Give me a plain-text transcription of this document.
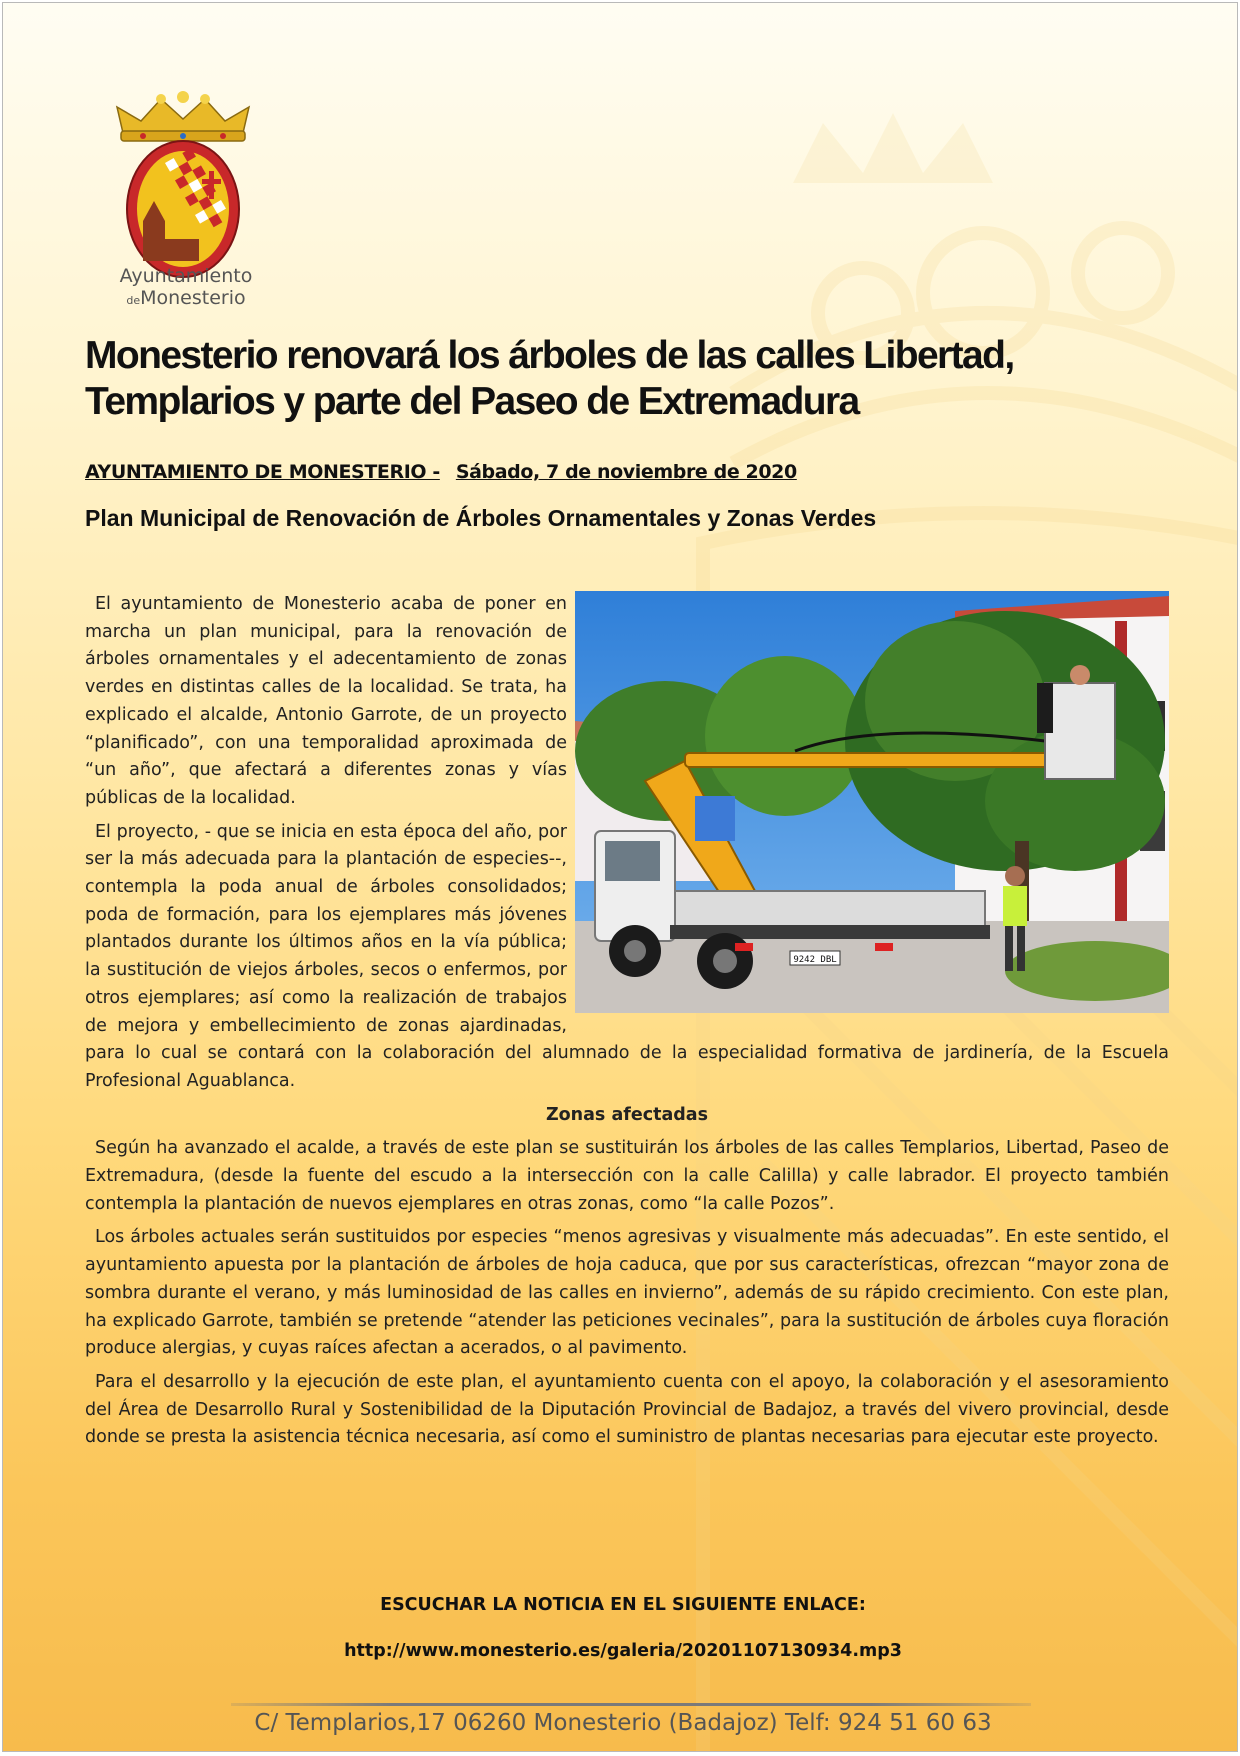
Ayuntamiento
deMonesterio
Monesterio renovará los árboles de las calles Libertad, Templarios y parte del Paseo de Extremadura
AYUNTAMIENTO DE MONESTERIO - Sábado, 7 de noviembre de 2020
Plan Municipal de Renovación de Árboles Ornamentales y Zonas Verdes
9242 DBL

El ayuntamiento de Monesterio acaba de poner en marcha un plan municipal, para la renovación de árboles ornamentales y el adecentamiento de zonas verdes en distintas calles de la localidad. Se trata, ha explicado el alcalde, Antonio Garrote, de un proyecto “planificado”, con una temporalidad aproximada de “un año”, que afectará a diferentes zonas y vías públicas de la localidad.

El proyecto, - que se inicia en esta época del año, por ser la más adecuada para la plantación de especies--, contempla la poda anual de árboles consolidados; poda de formación, para los ejemplares más jóvenes plantados durante los últimos años en la vía pública; la sustitución de viejos árboles, secos o enfermos, por otros ejemplares; así como la realización de trabajos de mejora y embellecimiento de zonas ajardinadas, para lo cual se contará con la colaboración del alumnado de la especialidad formativa de jardinería, de la Escuela Profesional Aguablanca.

Zonas afectadas

Según ha avanzado el acalde, a través de este plan se sustituirán los árboles de las calles Templarios, Libertad, Paseo de Extremadura, (desde la fuente del escudo a la intersección con la calle Calilla) y calle labrador. El proyecto también contempla la plantación de nuevos ejemplares en otras zonas, como “la calle Pozos”.

Los árboles actuales serán sustituidos por especies “menos agresivas y visualmente más adecuadas”. En este sentido, el ayuntamiento apuesta por la plantación de árboles de hoja caduca, que por sus características, ofrezcan “mayor zona de sombra durante el verano, y más luminosidad de las calles en invierno”, además de su rápido crecimiento. Con este plan, ha explicado Garrote, también se pretende “atender las peticiones vecinales”, para la sustitución de árboles cuya floración produce alergias, y cuyas raíces afectan a acerados, o al pavimento.

Para el desarrollo y la ejecución de este plan, el ayuntamiento cuenta con el apoyo, la colaboración y el asesoramiento del Área de Desarrollo Rural y Sostenibilidad de la Diputación Provincial de Badajoz, a través del vivero provincial, desde donde se presta la asistencia técnica necesaria, así como el suministro de plantas necesarias para ejecutar este proyecto.

ESCUCHAR LA NOTICIA EN EL SIGUIENTE ENLACE:
http://www.monesterio.es/galeria/20201107130934.mp3
C/ Templarios,17 06260 Monesterio (Badajoz) Telf: 924 51 60 63
